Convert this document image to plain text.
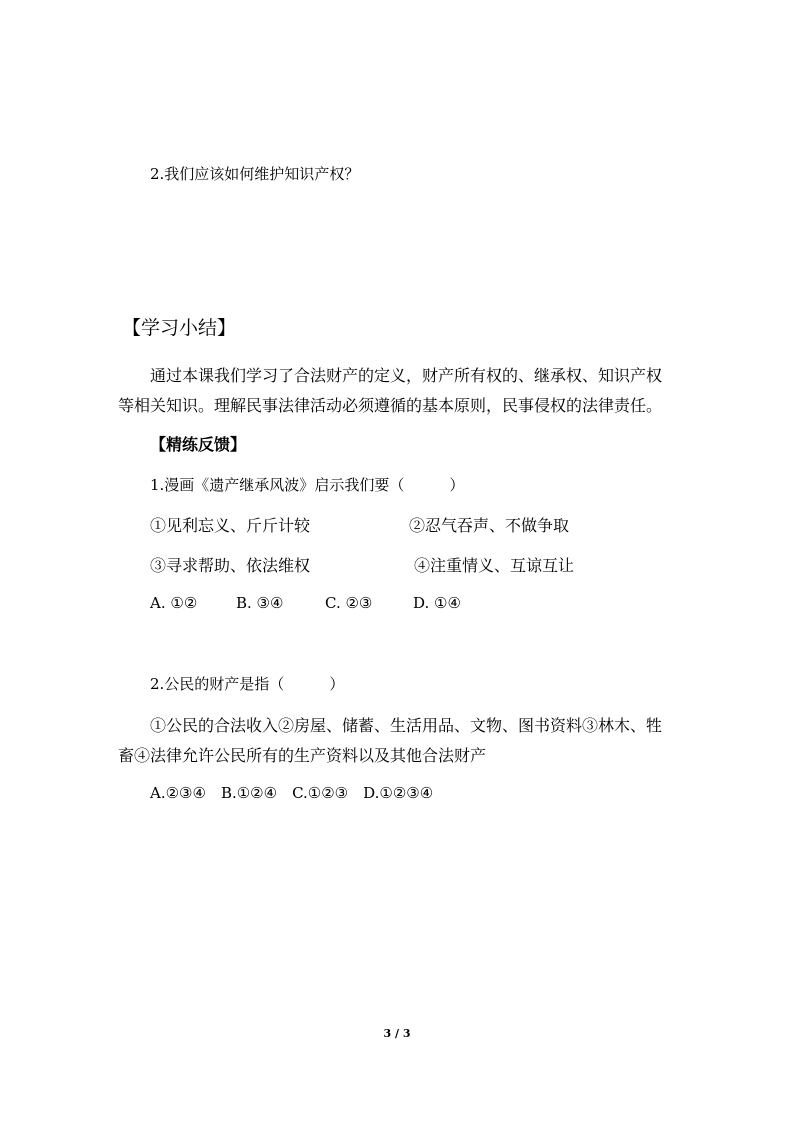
2.我们应该如何维护知识产权？
【学习小结】
通过本课我们学习了合法财产的定义，财产所有权的、继承权、知识产权
等相关知识。理解民事法律活动必须遵循的基本原则，民事侵权的法律责任。
【精练反馈】
1.漫画《遗产继承风波》启示我们要（　　　）
①见利忘义、斤斤计较	②忍气吞声、不做争取
③寻求帮助、依法维权	④注重情义、互谅互让
A. ①②	B. ③④	C. ②③	D. ①④
2.公民的财产是指（　　　）
①公民的合法收入②房屋、储蓄、生活用品、文物、图书资料③林木、牲
畜④法律允许公民所有的生产资料以及其他合法财产
A.②③④　B.①②④　C.①②③　D.①②③④
3 / 3
